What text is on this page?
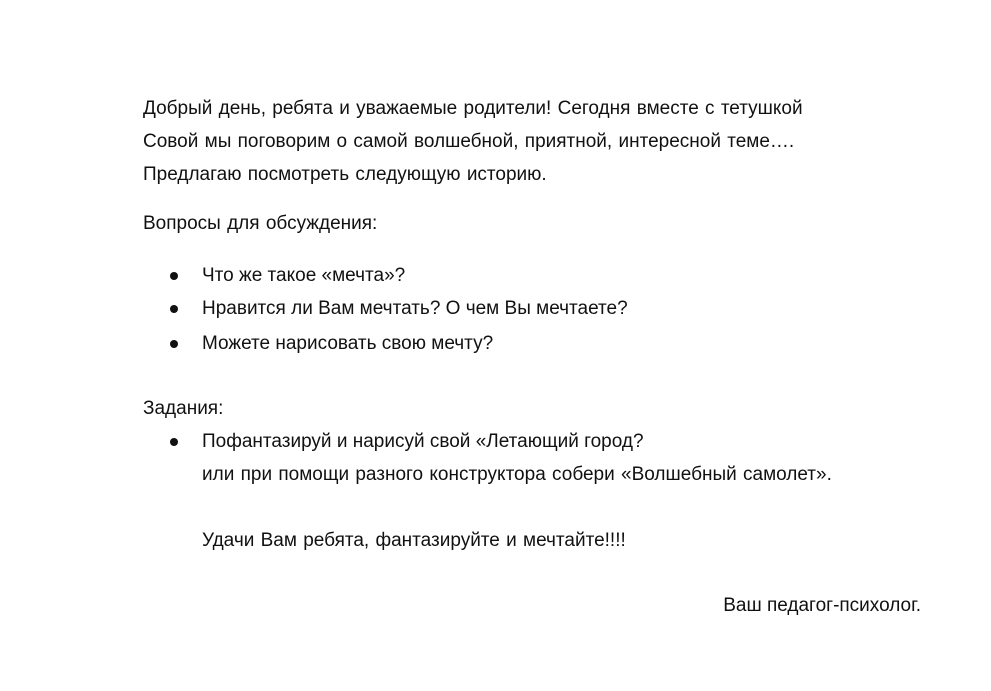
Добрый день, ребята и уважаемые родители! Сегодня вместе с тетушкой
Совой мы поговорим о самой волшебной, приятной, интересной теме….
Предлагаю посмотреть следующую историю.
Вопросы для обсуждения:
Что же такое «мечта»?
Нравится ли Вам мечтать? О чем Вы мечтаете?
Можете нарисовать свою мечту?
Задания:
Пофантазируй и нарисуй свой «Летающий город?
или при помощи разного конструктора собери «Волшебный самолет».
Удачи Вам ребята, фантазируйте и мечтайте!!!!
Ваш педагог-психолог.
